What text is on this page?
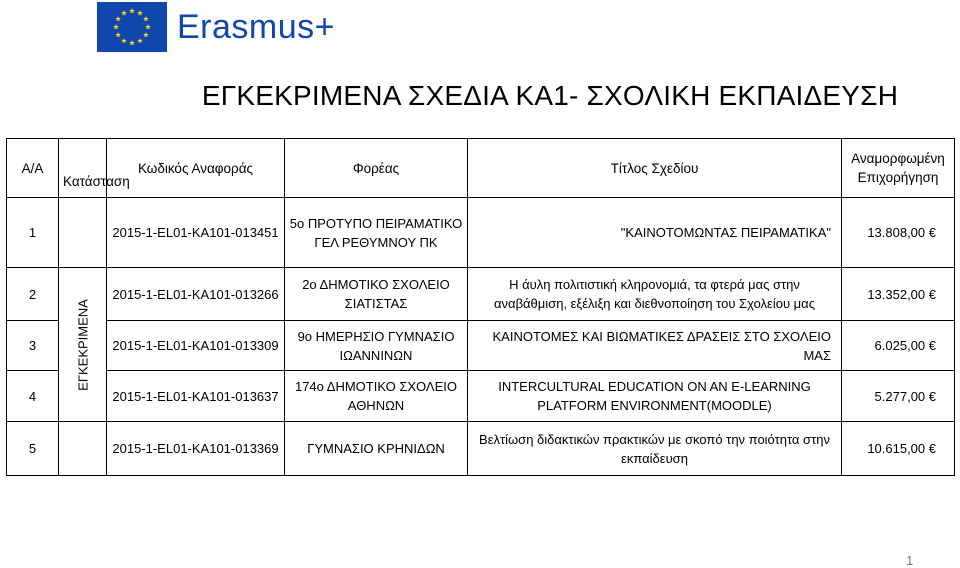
Erasmus+
ΕΓΚΕΚΡΙΜΕΝΑ ΣΧΕΔΙΑ ΚΑ1- ΣΧΟΛΙΚΗ ΕΚΠΑΙΔΕΥΣΗ
Α/Α	Κατάσταση	Κωδικός Αναφοράς	Φορέας	Τίτλος Σχεδίου	Αναμορφωμένη Επιχορήγηση
1		2015-1-EL01-KA101-013451	5ο ΠΡΟΤΥΠΟ ΠΕΙΡΑΜΑΤΙΚΟ ΓΕΛ ΡΕΘΥΜΝΟΥ ΠΚ	"ΚΑΙΝΟΤΟΜΩΝΤΑΣ ΠΕΙΡΑΜΑΤΙΚΑ"	13.808,00 €
2	ΕΓΚΕΚΡΙΜΕΝΑ	2015-1-EL01-KA101-013266	2ο ΔΗΜΟΤΙΚΟ ΣΧΟΛΕΙΟ ΣΙΑΤΙΣΤΑΣ	Η άυλη πολιτιστική κληρονομιά, τα φτερά μας στην αναβάθμιση, εξέλιξη και διεθνοποίηση του Σχολείου μας	13.352,00 €
3		2015-1-EL01-KA101-013309	9ο ΗΜΕΡΗΣΙΟ ΓΥΜΝΑΣΙΟ ΙΩΑΝΝΙΝΩΝ	ΚΑΙΝΟΤΟΜΕΣ ΚΑΙ ΒΙΩΜΑΤΙΚΕΣ ΔΡΑΣΕΙΣ ΣΤΟ ΣΧΟΛΕΙΟ ΜΑΣ	6.025,00 €
4		2015-1-EL01-KA101-013637	174ο ΔΗΜΟΤΙΚΟ ΣΧΟΛΕΙΟ ΑΘΗΝΩΝ	INTERCULTURAL EDUCATION ON AN E-LEARNING PLATFORM ENVIRONMENT(MOODLE)	5.277,00 €
5		2015-1-EL01-KA101-013369	ΓΥΜΝΑΣΙΟ ΚΡΗΝΙΔΩΝ	Βελτίωση διδακτικών πρακτικών με σκοπό την ποιότητα στην εκπαίδευση	10.615,00 €
1
